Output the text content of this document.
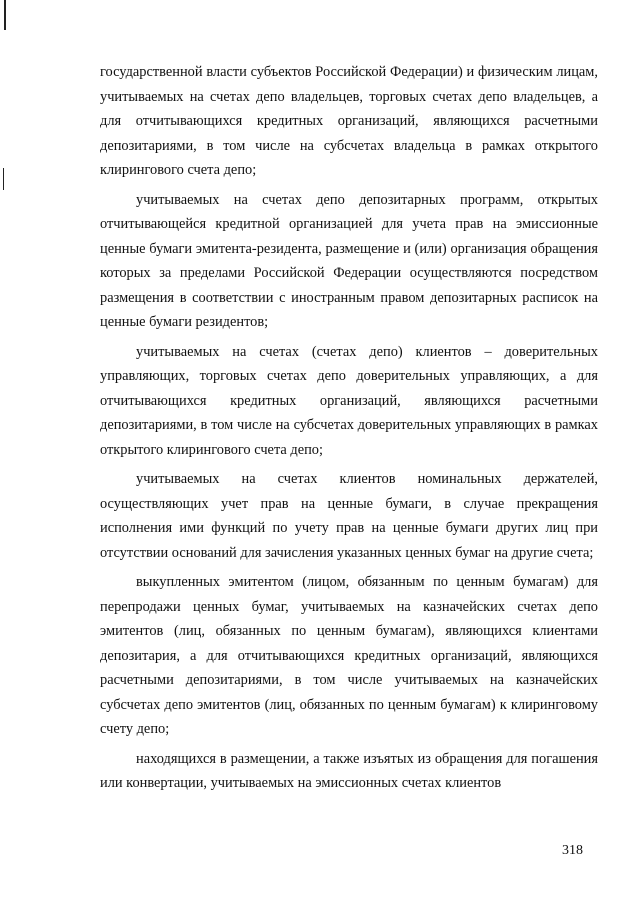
государственной власти субъектов Российской Федерации) и физическим лицам, учитываемых на счетах депо владельцев, торговых счетах депо владельцев, а для отчитывающихся кредитных организаций, являющихся расчетными депозитариями, в том числе на субсчетах владельца в рамках открытого клирингового счета депо;

учитываемых на счетах депо депозитарных программ, открытых отчитывающейся кредитной организацией для учета прав на эмиссионные ценные бумаги эмитента-резидента, размещение и (или) организация обращения которых за пределами Российской Федерации осуществляются посредством размещения в соответствии с иностранным правом депозитарных расписок на ценные бумаги резидентов;

учитываемых на счетах (счетах депо) клиентов – доверительных управляющих, торговых счетах депо доверительных управляющих, а для отчитывающихся кредитных организаций, являющихся расчетными депозитариями, в том числе на субсчетах доверительных управляющих в рамках открытого клирингового счета депо;

учитываемых на счетах клиентов номинальных держателей, осуществляющих учет прав на ценные бумаги, в случае прекращения исполнения ими функций по учету прав на ценные бумаги других лиц при отсутствии оснований для зачисления указанных ценных бумаг на другие счета;

выкупленных эмитентом (лицом, обязанным по ценным бумагам) для перепродажи ценных бумаг, учитываемых на казначейских счетах депо эмитентов (лиц, обязанных по ценным бумагам), являющихся клиентами депозитария, а для отчитывающихся кредитных организаций, являющихся расчетными депозитариями, в том числе учитываемых на казначейских субсчетах депо эмитентов (лиц, обязанных по ценным бумагам) к клиринговому счету депо;

находящихся в размещении, а также изъятых из обращения для погашения или конвертации, учитываемых на эмиссионных счетах клиентов

318
